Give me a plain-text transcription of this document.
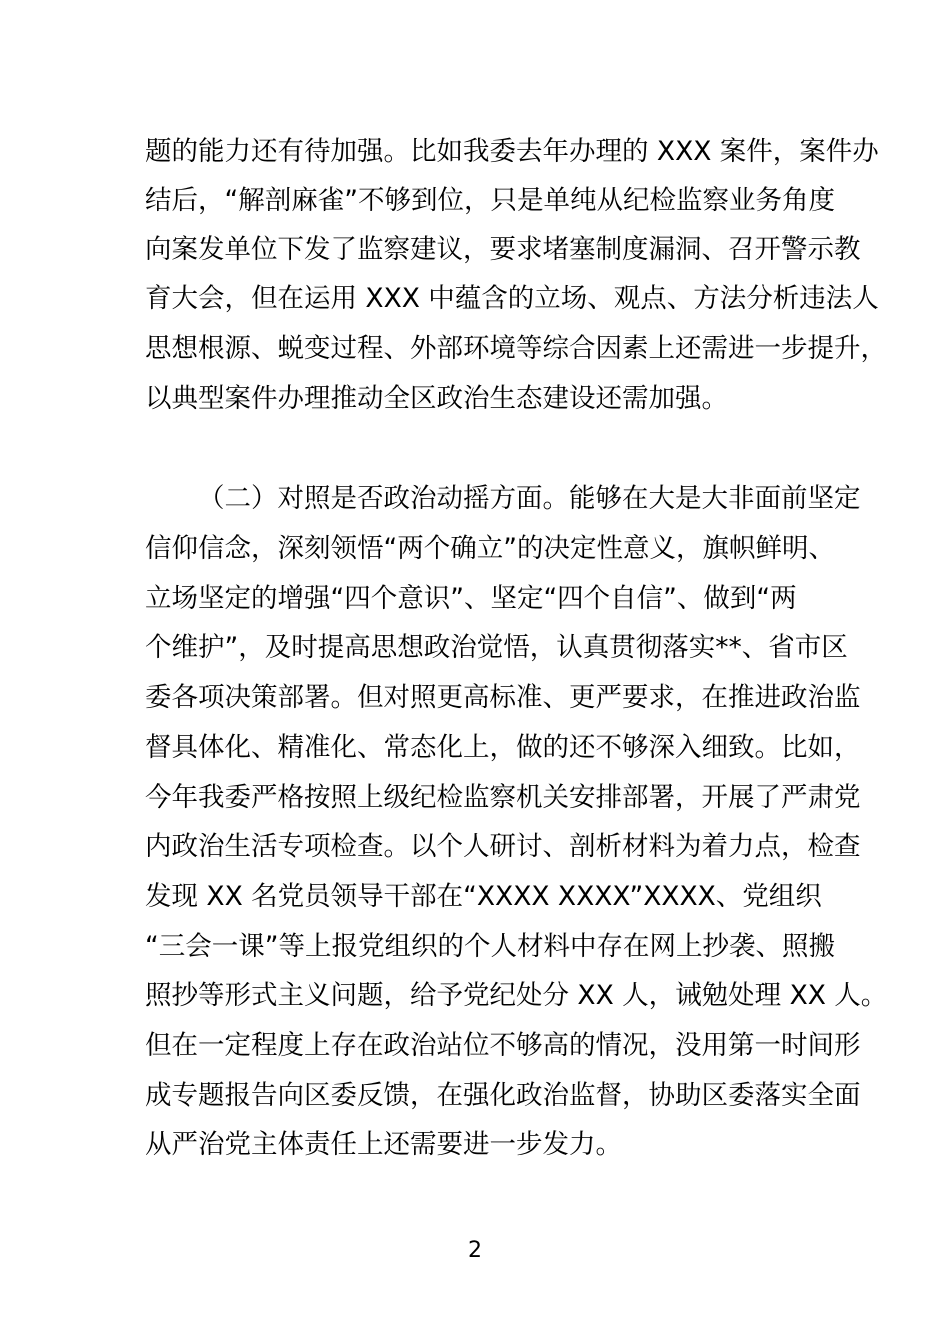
题的能力还有待加强。比如我委去年办理的 XXX 案件，案件办
结后，“解剖麻雀”不够到位，只是单纯从纪检监察业务角度
向案发单位下发了监察建议，要求堵塞制度漏洞、召开警示教
育大会，但在运用 XXX 中蕴含的立场、观点、方法分析违法人
思想根源、蜕变过程、外部环境等综合因素上还需进一步提升，
以典型案件办理推动全区政治生态建设还需加强。
（二）对照是否政治动摇方面。能够在大是大非面前坚定
信仰信念，深刻领悟“两个确立”的决定性意义，旗帜鲜明、
立场坚定的增强“四个意识”、坚定“四个自信”、做到“两
个维护”，及时提高思想政治觉悟，认真贯彻落实**、省市区
委各项决策部署。但对照更高标准、更严要求，在推进政治监
督具体化、精准化、常态化上，做的还不够深入细致。比如，
今年我委严格按照上级纪检监察机关安排部署，开展了严肃党
内政治生活专项检查。以个人研讨、剖析材料为着力点，检查
发现 XX 名党员领导干部在“XXXX XXXX”XXXX、党组织
“三会一课”等上报党组织的个人材料中存在网上抄袭、照搬
照抄等形式主义问题，给予党纪处分 XX 人，诫勉处理 XX 人。
但在一定程度上存在政治站位不够高的情况，没用第一时间形
成专题报告向区委反馈，在强化政治监督，协助区委落实全面
从严治党主体责任上还需要进一步发力。
2
